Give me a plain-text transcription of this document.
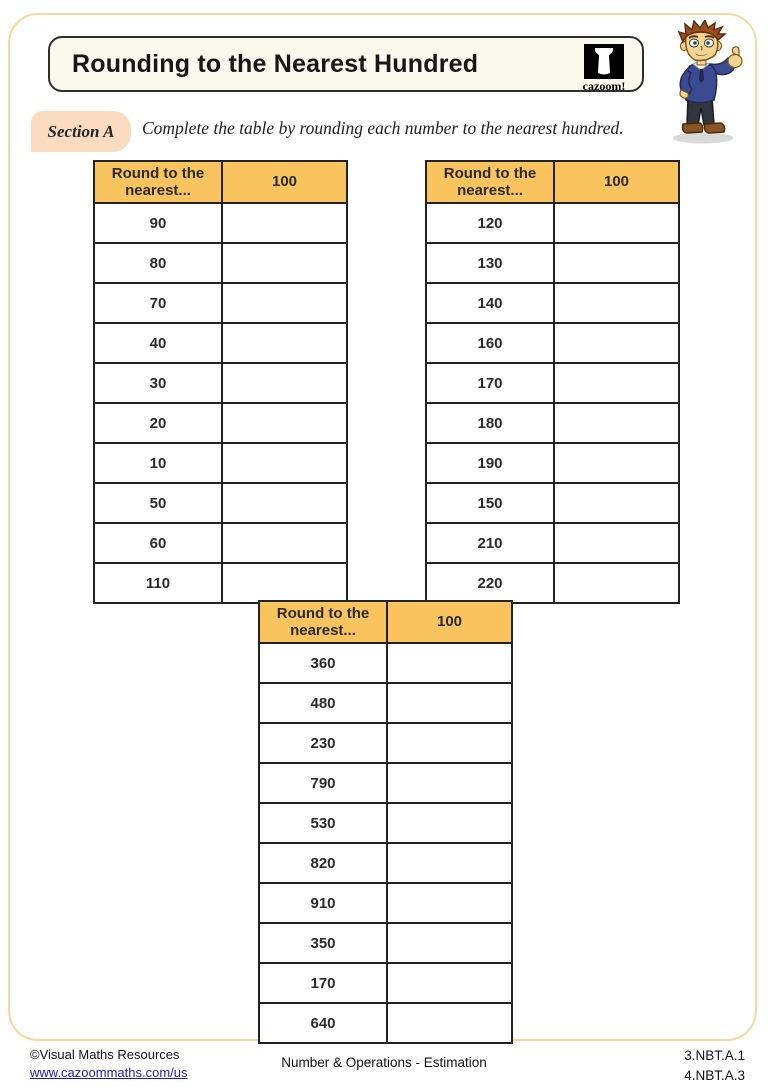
Rounding to the Nearest Hundred
cazoom!
Section A	Complete the table by rounding each number to the nearest hundred.
Round to the nearest...	100
90	
80	
70	
40	
30	
20	
10	
50	
60	
110	
Round to the nearest...	100
120	
130	
140	
160	
170	
180	
190	
150	
210	
220	
Round to the nearest...	100
360	
480	
230	
790	
530	
820	
910	
350	
170	
640	
©Visual Maths Resources
www.cazoommaths.com/us
Number & Operations - Estimation	3.NBT.A.1
4.NBT.A.3
